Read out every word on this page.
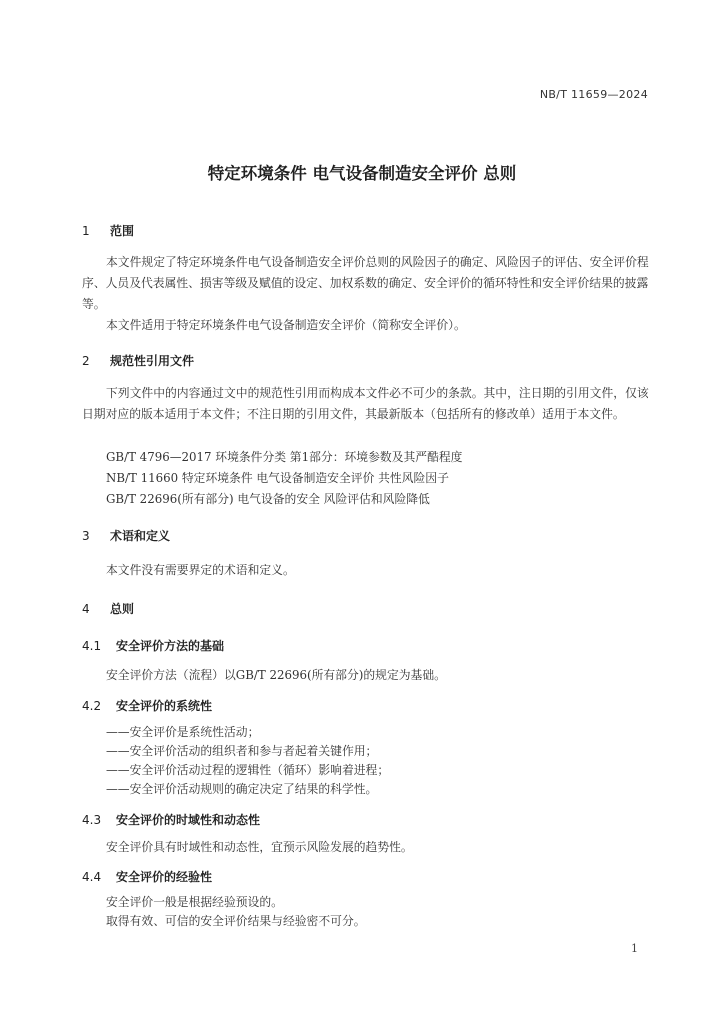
NB/T 11659—2024
特定环境条件 电气设备制造安全评价 总则
1 范围
本文件规定了特定环境条件电气设备制造安全评价总则的风险因子的确定、风险因子的评估、安全评价程序、人员及代表属性、损害等级及赋值的设定、加权系数的确定、安全评价的循环特性和安全评价结果的披露等。
本文件适用于特定环境条件电气设备制造安全评价（简称安全评价）。
2 规范性引用文件
下列文件中的内容通过文中的规范性引用而构成本文件必不可少的条款。其中，注日期的引用文件，仅该日期对应的版本适用于本文件；不注日期的引用文件，其最新版本（包括所有的修改单）适用于本文件。
GB/T 4796—2017 环境条件分类 第1部分：环境参数及其严酷程度
NB/T 11660 特定环境条件 电气设备制造安全评价 共性风险因子
GB/T 22696(所有部分) 电气设备的安全 风险评估和风险降低
3 术语和定义
本文件没有需要界定的术语和定义。
4 总则
4.1 安全评价方法的基础
安全评价方法（流程）以GB/T 22696(所有部分)的规定为基础。
4.2 安全评价的系统性
——安全评价是系统性活动；
——安全评价活动的组织者和参与者起着关键作用；
——安全评价活动过程的逻辑性（循环）影响着进程；
——安全评价活动规则的确定决定了结果的科学性。
4.3 安全评价的时域性和动态性
安全评价具有时域性和动态性，宜预示风险发展的趋势性。
4.4 安全评价的经验性
安全评价一般是根据经验预设的。
取得有效、可信的安全评价结果与经验密不可分。
1
